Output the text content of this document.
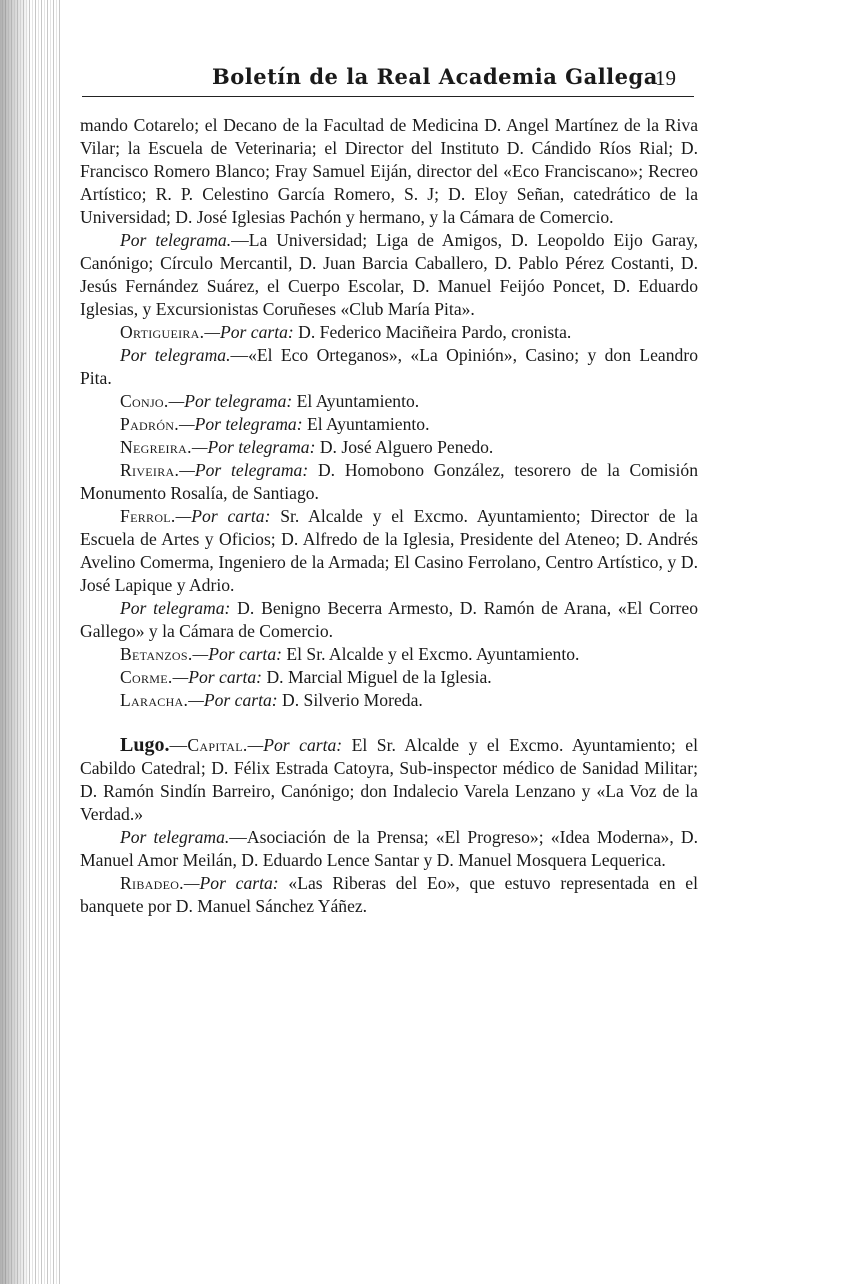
Boletín de la Real Academia Gallega
19

mando Cotarelo; el Decano de la Facultad de Medicina D. Angel Martínez de la Riva Vilar; la Escuela de Veterinaria; el Director del Instituto D. Cándido Ríos Rial; D. Francisco Romero Blanco; Fray Samuel Eiján, director del «Eco Franciscano»; Recreo Artístico; R. P. Celestino García Romero, S. J; D. Eloy Señan, catedrático de la Universidad; D. José Iglesias Pachón y hermano, y la Cámara de Comercio.

Por telegrama.—La Universidad; Liga de Amigos, D. Leopoldo Eijo Garay, Canónigo; Círculo Mercantil, D. Juan Barcia Caballero, D. Pablo Pérez Costanti, D. Jesús Fernández Suárez, el Cuerpo Escolar, D. Manuel Feijóo Poncet, D. Eduardo Iglesias, y Excursionistas Coruñeses «Club María Pita».

Ortigueira.—Por carta: D. Federico Maciñeira Pardo, cronista.

Por telegrama.—«El Eco Orteganos», «La Opinión», Casino; y don Leandro Pita.

Conjo.—Por telegrama: El Ayuntamiento.

Padrón.—Por telegrama: El Ayuntamiento.

Negreira.—Por telegrama: D. José Alguero Penedo.

Riveira.—Por telegrama: D. Homobono González, tesorero de la Comisión Monumento Rosalía, de Santiago.

Ferrol.—Por carta: Sr. Alcalde y el Excmo. Ayuntamiento; Director de la Escuela de Artes y Oficios; D. Alfredo de la Iglesia, Presidente del Ateneo; D. Andrés Avelino Comerma, Ingeniero de la Armada; El Casino Ferrolano, Centro Artístico, y D. José Lapique y Adrio.

Por telegrama: D. Benigno Becerra Armesto, D. Ramón de Arana, «El Correo Gallego» y la Cámara de Comercio.

Betanzos.—Por carta: El Sr. Alcalde y el Excmo. Ayuntamiento.

Corme.—Por carta: D. Marcial Miguel de la Iglesia.

Laracha.—Por carta: D. Silverio Moreda.

Lugo.—Capital.—Por carta: El Sr. Alcalde y el Excmo. Ayuntamiento; el Cabildo Catedral; D. Félix Estrada Catoyra, Sub-inspector médico de Sanidad Militar; D. Ramón Sindín Barreiro, Canónigo; don Indalecio Varela Lenzano y «La Voz de la Verdad.»

Por telegrama.—Asociación de la Prensa; «El Progreso»; «Idea Moderna», D. Manuel Amor Meilán, D. Eduardo Lence Santar y D. Manuel Mosquera Lequerica.

Ribadeo.—Por carta: «Las Riberas del Eo», que estuvo representada en el banquete por D. Manuel Sánchez Yáñez.
